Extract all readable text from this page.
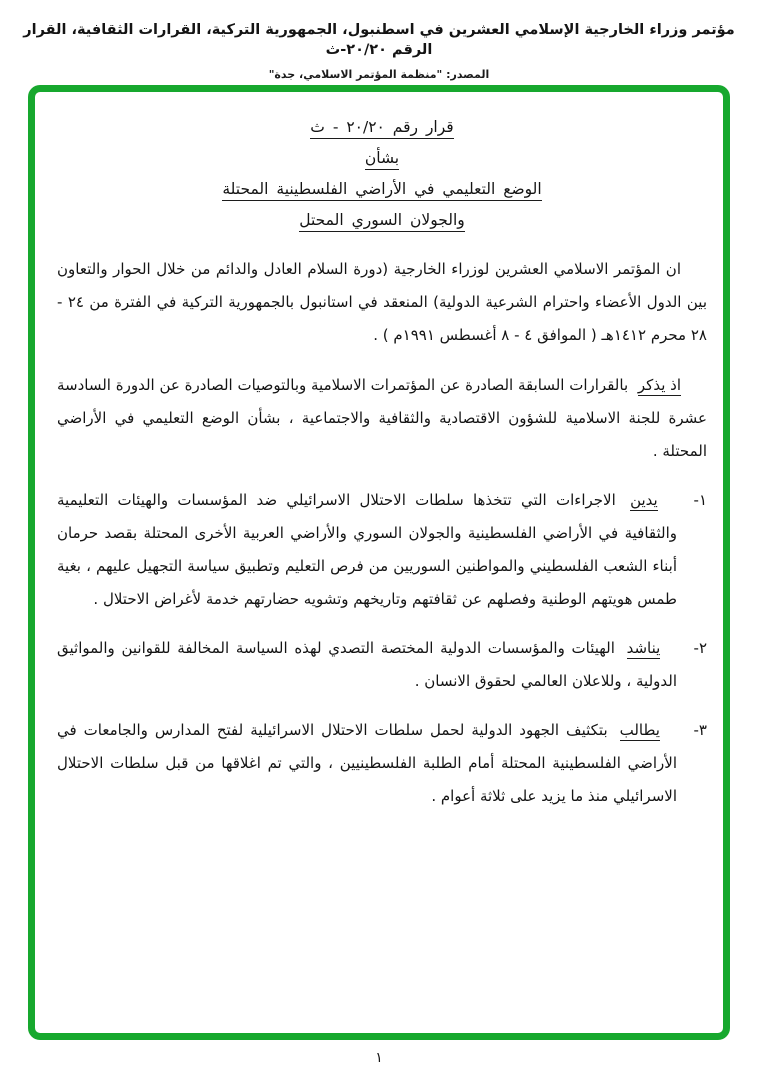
مؤتمر وزراء الخارجية الإسلامي العشرين في اسطنبول، الجمهورية التركية، القرارات الثقافية، القرار الرقم ٢٠/٢٠-ث
المصدر: "منظمة المؤتمر الاسلامي، جدة"
قرار رقم ٢٠/٢٠ - ث
بشأن
الوضع التعليمي في الأراضي الفلسطينية المحتلة
والجولان السوري المحتل

ان المؤتمر الاسلامي العشرين لوزراء الخارجية (دورة السلام العادل والدائم من خلال الحوار والتعاون بين الدول الأعضاء واحترام الشرعية الدولية) المنعقد في استانبول بالجمهورية التركية في الفترة من ٢٤ - ٢٨ محرم ١٤١٢هـ ( الموافق ٤ - ٨ أغسطس ١٩٩١م ) .

اذ يذكر بالقرارات السابقة الصادرة عن المؤتمرات الاسلامية وبالتوصيات الصادرة عن الدورة السادسة عشرة للجنة الاسلامية للشؤون الاقتصادية والثقافية والاجتماعية ، بشأن الوضع التعليمي في الأراضي المحتلة .

١- يدين الاجراءات التي تتخذها سلطات الاحتلال الاسرائيلي ضد المؤسسات والهيئات التعليمية والثقافية في الأراضي الفلسطينية والجولان السوري والأراضي العربية الأخرى المحتلة بقصد حرمان أبناء الشعب الفلسطيني والمواطنين السوريين من فرص التعليم وتطبيق سياسة التجهيل عليهم ، بغية طمس هويتهم الوطنية وفصلهم عن ثقافتهم وتاريخهم وتشويه حضارتهم خدمة لأغراض الاحتلال .

٢- يناشد الهيئات والمؤسسات الدولية المختصة التصدي لهذه السياسة المخالفة للقوانين والمواثيق الدولية ، وللاعلان العالمي لحقوق الانسان .

٣- يطالب بتكثيف الجهود الدولية لحمل سلطات الاحتلال الاسرائيلية لفتح المدارس والجامعات في الأراضي الفلسطينية المحتلة أمام الطلبة الفلسطينيين ، والتي تم اغلاقها من قبل سلطات الاحتلال الاسرائيلي منذ ما يزيد على ثلاثة أعوام .

١
